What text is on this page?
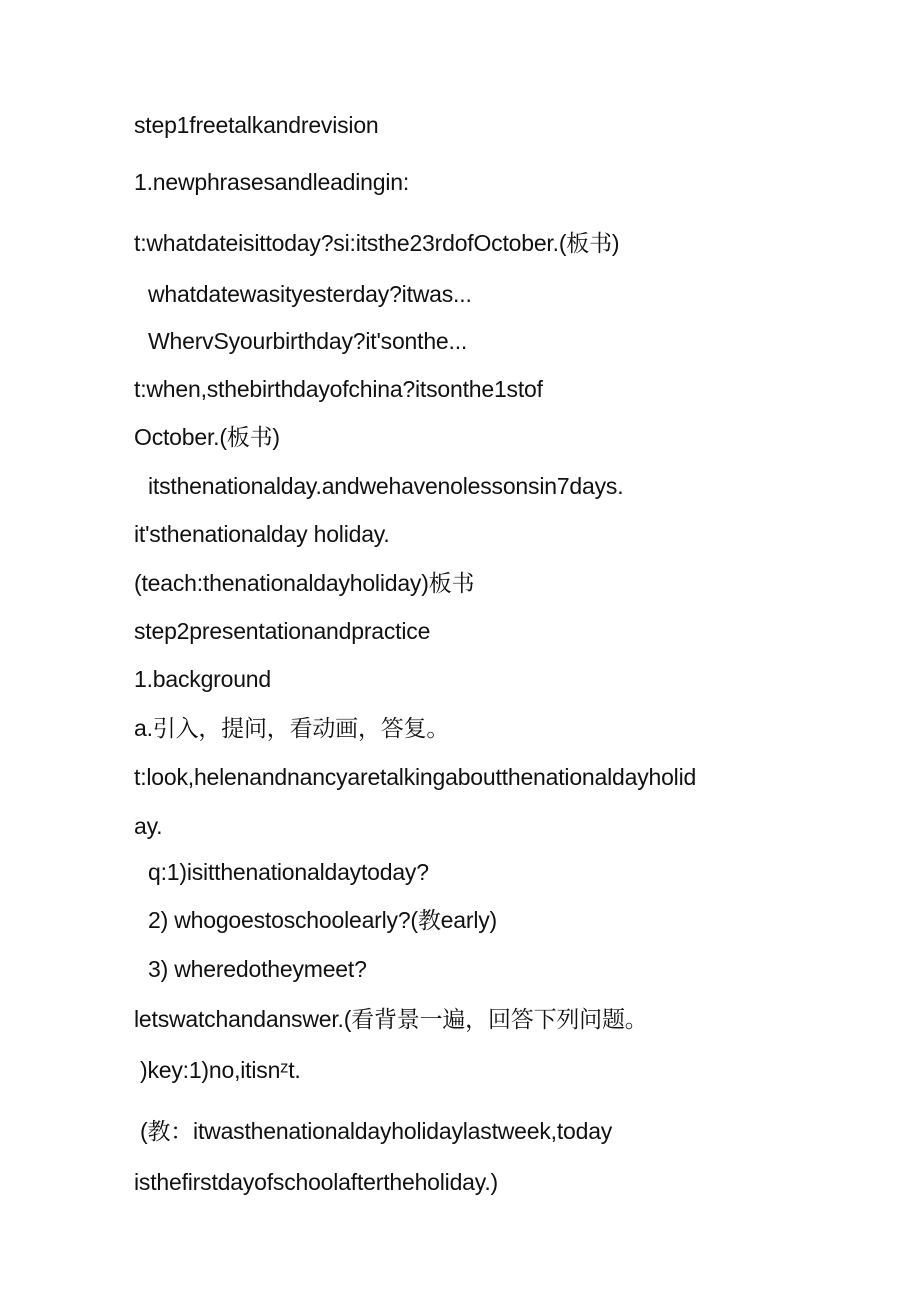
step1freetalkandrevision

1.newphrasesandleadingin:

t:whatdateisittoday?si:itsthe23rdofOctober.(板书)

whatdatewasityesterday?itwas...

WhervSyourbirthday?it'sonthe...

t:when,sthebirthdayofchina?itsonthe1stof

October.(板书)

itsthenationalday.andwehavenolessonsin7days.

it'sthenationalday holiday.

(teach:thenationaldayholiday)板书

step2presentationandpractice

1.background

a.引入，提问，看动画，答复。

t:look,helenandnancyaretalkingaboutthenationaldayholid

ay.

q:1)isitthenationaldaytoday?

2) whogoestoschoolearly?(教early)

3) wheredotheymeet?

letswatchandanswer.(看背景一遍，回答下列问题。

)key:1)no,itisnᶻt.

(教：itwasthenationaldayholidaylastweek,today

isthefirstdayofschoolaftertheholiday.)
